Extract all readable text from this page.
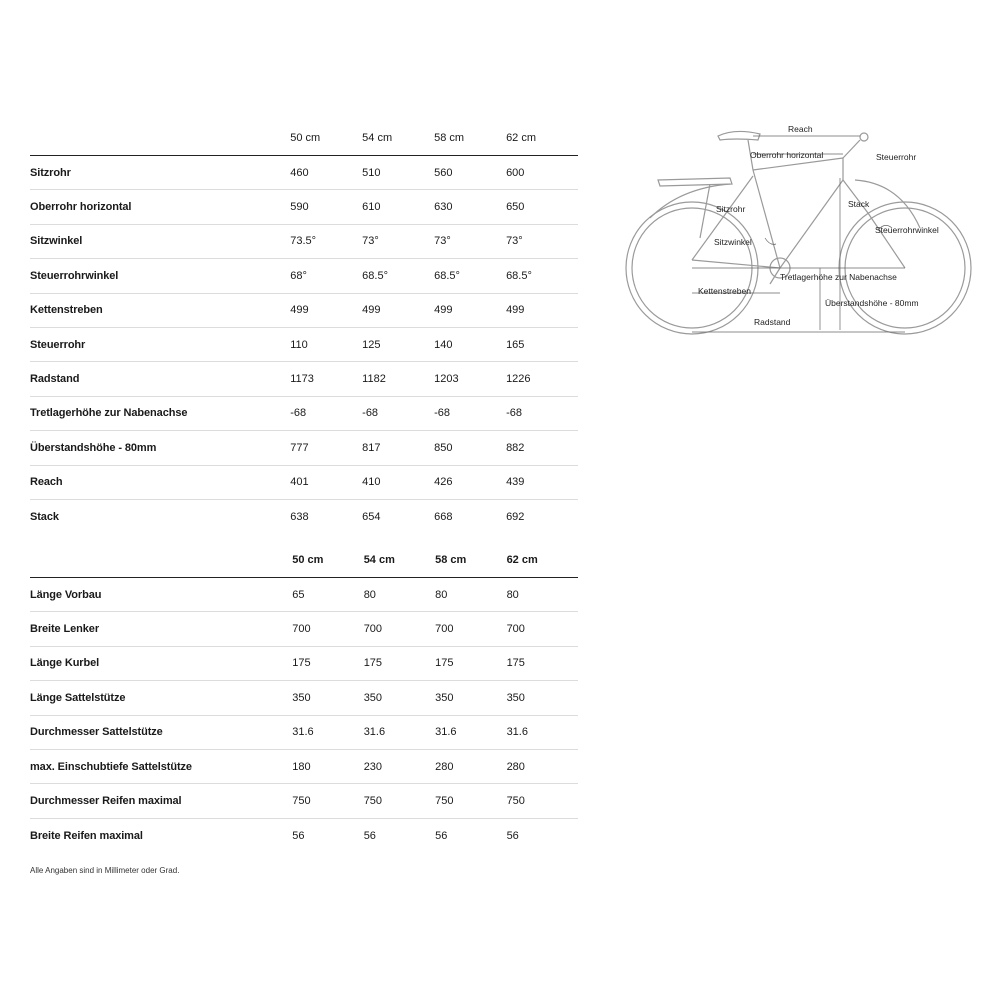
50 cm	54 cm	58 cm	62 cm
Sitzrohr	460	510	560	600
Oberrohr horizontal	590	610	630	650
Sitzwinkel	73.5°	73°	73°	73°
Steuerrohrwinkel	68°	68.5°	68.5°	68.5°
Kettenstreben	499	499	499	499
Steuerrohr	110	125	140	165
Radstand	1173	1182	1203	1226
Tretlagerhöhe zur Nabenachse	-68	-68	-68	-68
Überstandshöhe - 80mm	777	817	850	882
Reach	401	410	426	439
Stack	638	654	668	692
50 cm	54 cm	58 cm	62 cm
Länge Vorbau	65	80	80	80
Breite Lenker	700	700	700	700
Länge Kurbel	175	175	175	175
Länge Sattelstütze	350	350	350	350
Durchmesser Sattelstütze	31.6	31.6	31.6	31.6
max. Einschubtiefe Sattelstütze	180	230	280	280
Durchmesser Reifen maximal	750	750	750	750
Breite Reifen maximal	56	56	56	56
Alle Angaben sind in Millimeter oder Grad.
Reach
Oberrohr horizontal	Steuerrohr
Sitzrohr	Stack
Steuerrohrwinkel
Sitzwinkel
Tretlagerhöhe zur Nabenachse
Kettenstreben
Überstandshöhe - 80mm
Radstand
